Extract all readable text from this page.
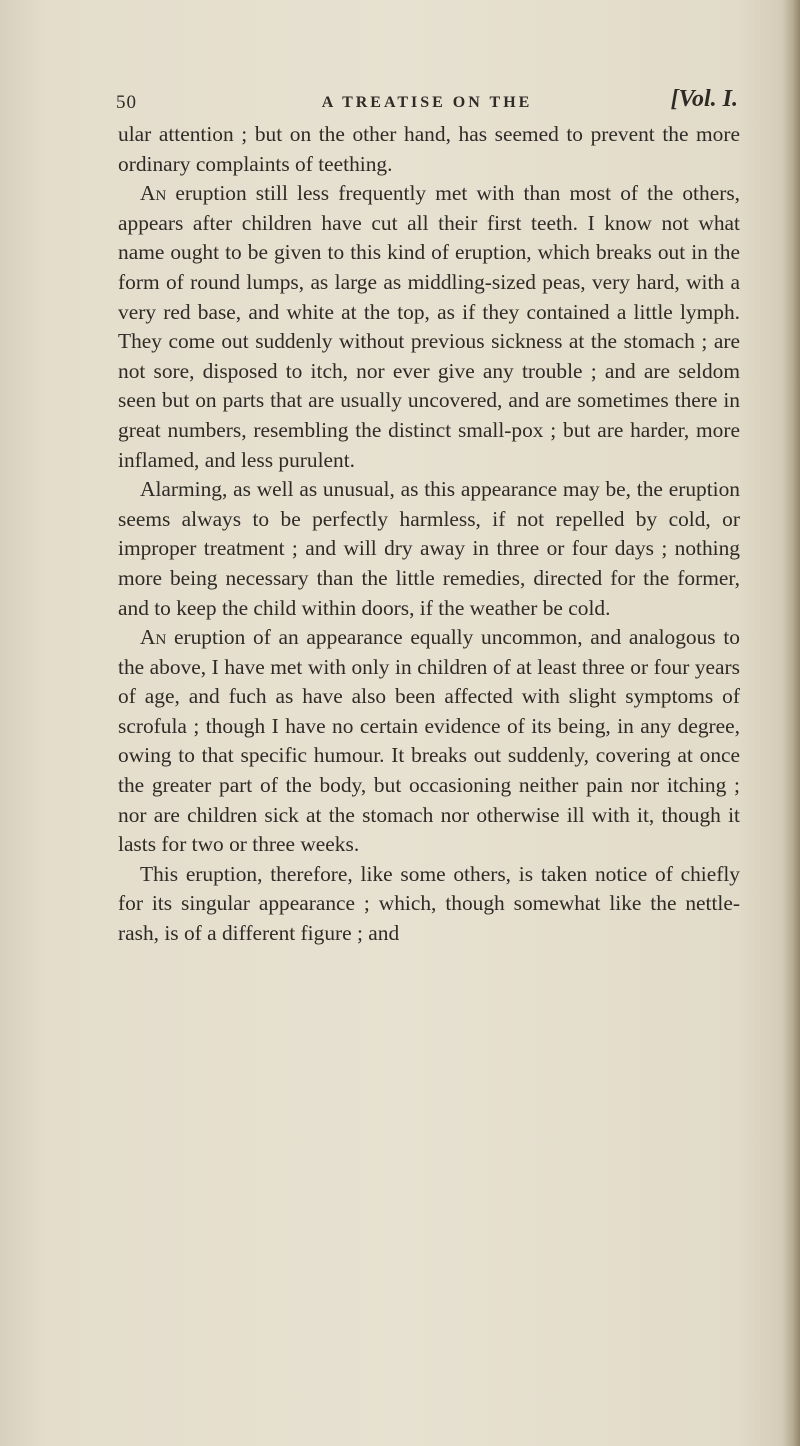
50	A TREATISE ON THE	[Vol. I.

ular attention ; but on the other hand, has seemed to prevent the more ordinary complaints of teething.

An eruption still less frequently met with than most of the others, appears after children have cut all their first teeth. I know not what name ought to be given to this kind of eruption, which breaks out in the form of round lumps, as large as middling-sized peas, very hard, with a very red base, and white at the top, as if they contained a little lymph. They come out suddenly without previous sickness at the stomach ; are not sore, disposed to itch, nor ever give any trouble ; and are seldom seen but on parts that are usually uncovered, and are sometimes there in great numbers, resembling the distinct small-pox ; but are harder, more inflamed, and less purulent.

Alarming, as well as unusual, as this appearance may be, the eruption seems always to be perfectly harmless, if not repelled by cold, or improper treatment ; and will dry away in three or four days ; nothing more being necessary than the little remedies, directed for the former, and to keep the child within doors, if the weather be cold.

An eruption of an appearance equally uncommon, and analogous to the above, I have met with only in children of at least three or four years of age, and fuch as have also been affected with slight symptoms of scrofula ; though I have no certain evidence of its being, in any degree, owing to that specific humour. It breaks out suddenly, covering at once the greater part of the body, but occasioning neither pain nor itching ; nor are children sick at the stomach nor otherwise ill with it, though it lasts for two or three weeks.

This eruption, therefore, like some others, is taken notice of chiefly for its singular appearance ; which, though somewhat like the nettle-rash, is of a different figure ; and
